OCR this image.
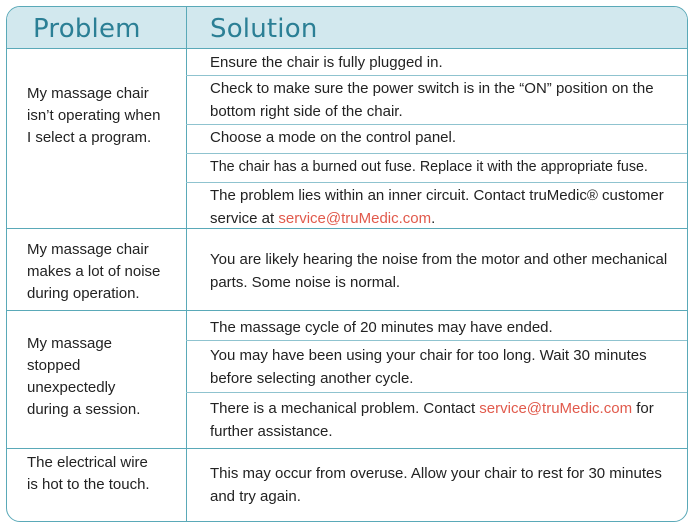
Problem	Solution
My massage chair isn’t operating when I select a program.
Ensure the chair is fully plugged in.
Check to make sure the power switch is in the “ON” position on the bottom right side of the chair.
Choose a mode on the control panel.
The chair has a burned out fuse. Replace it with the appropriate fuse.
The problem lies within an inner circuit. Contact truMedic® customer service at service@truMedic.com.
My massage chair makes a lot of noise during operation.
You are likely hearing the noise from the motor and other mechanical parts. Some noise is normal.
My massage stopped unexpectedly during a session.
The massage cycle of 20 minutes may have ended.
You may have been using your chair for too long. Wait 30 minutes before selecting another cycle.
There is a mechanical problem. Contact service@truMedic.com for further assistance.
The electrical wire is hot to the touch.
This may occur from overuse. Allow your chair to rest for 30 minutes and try again.
